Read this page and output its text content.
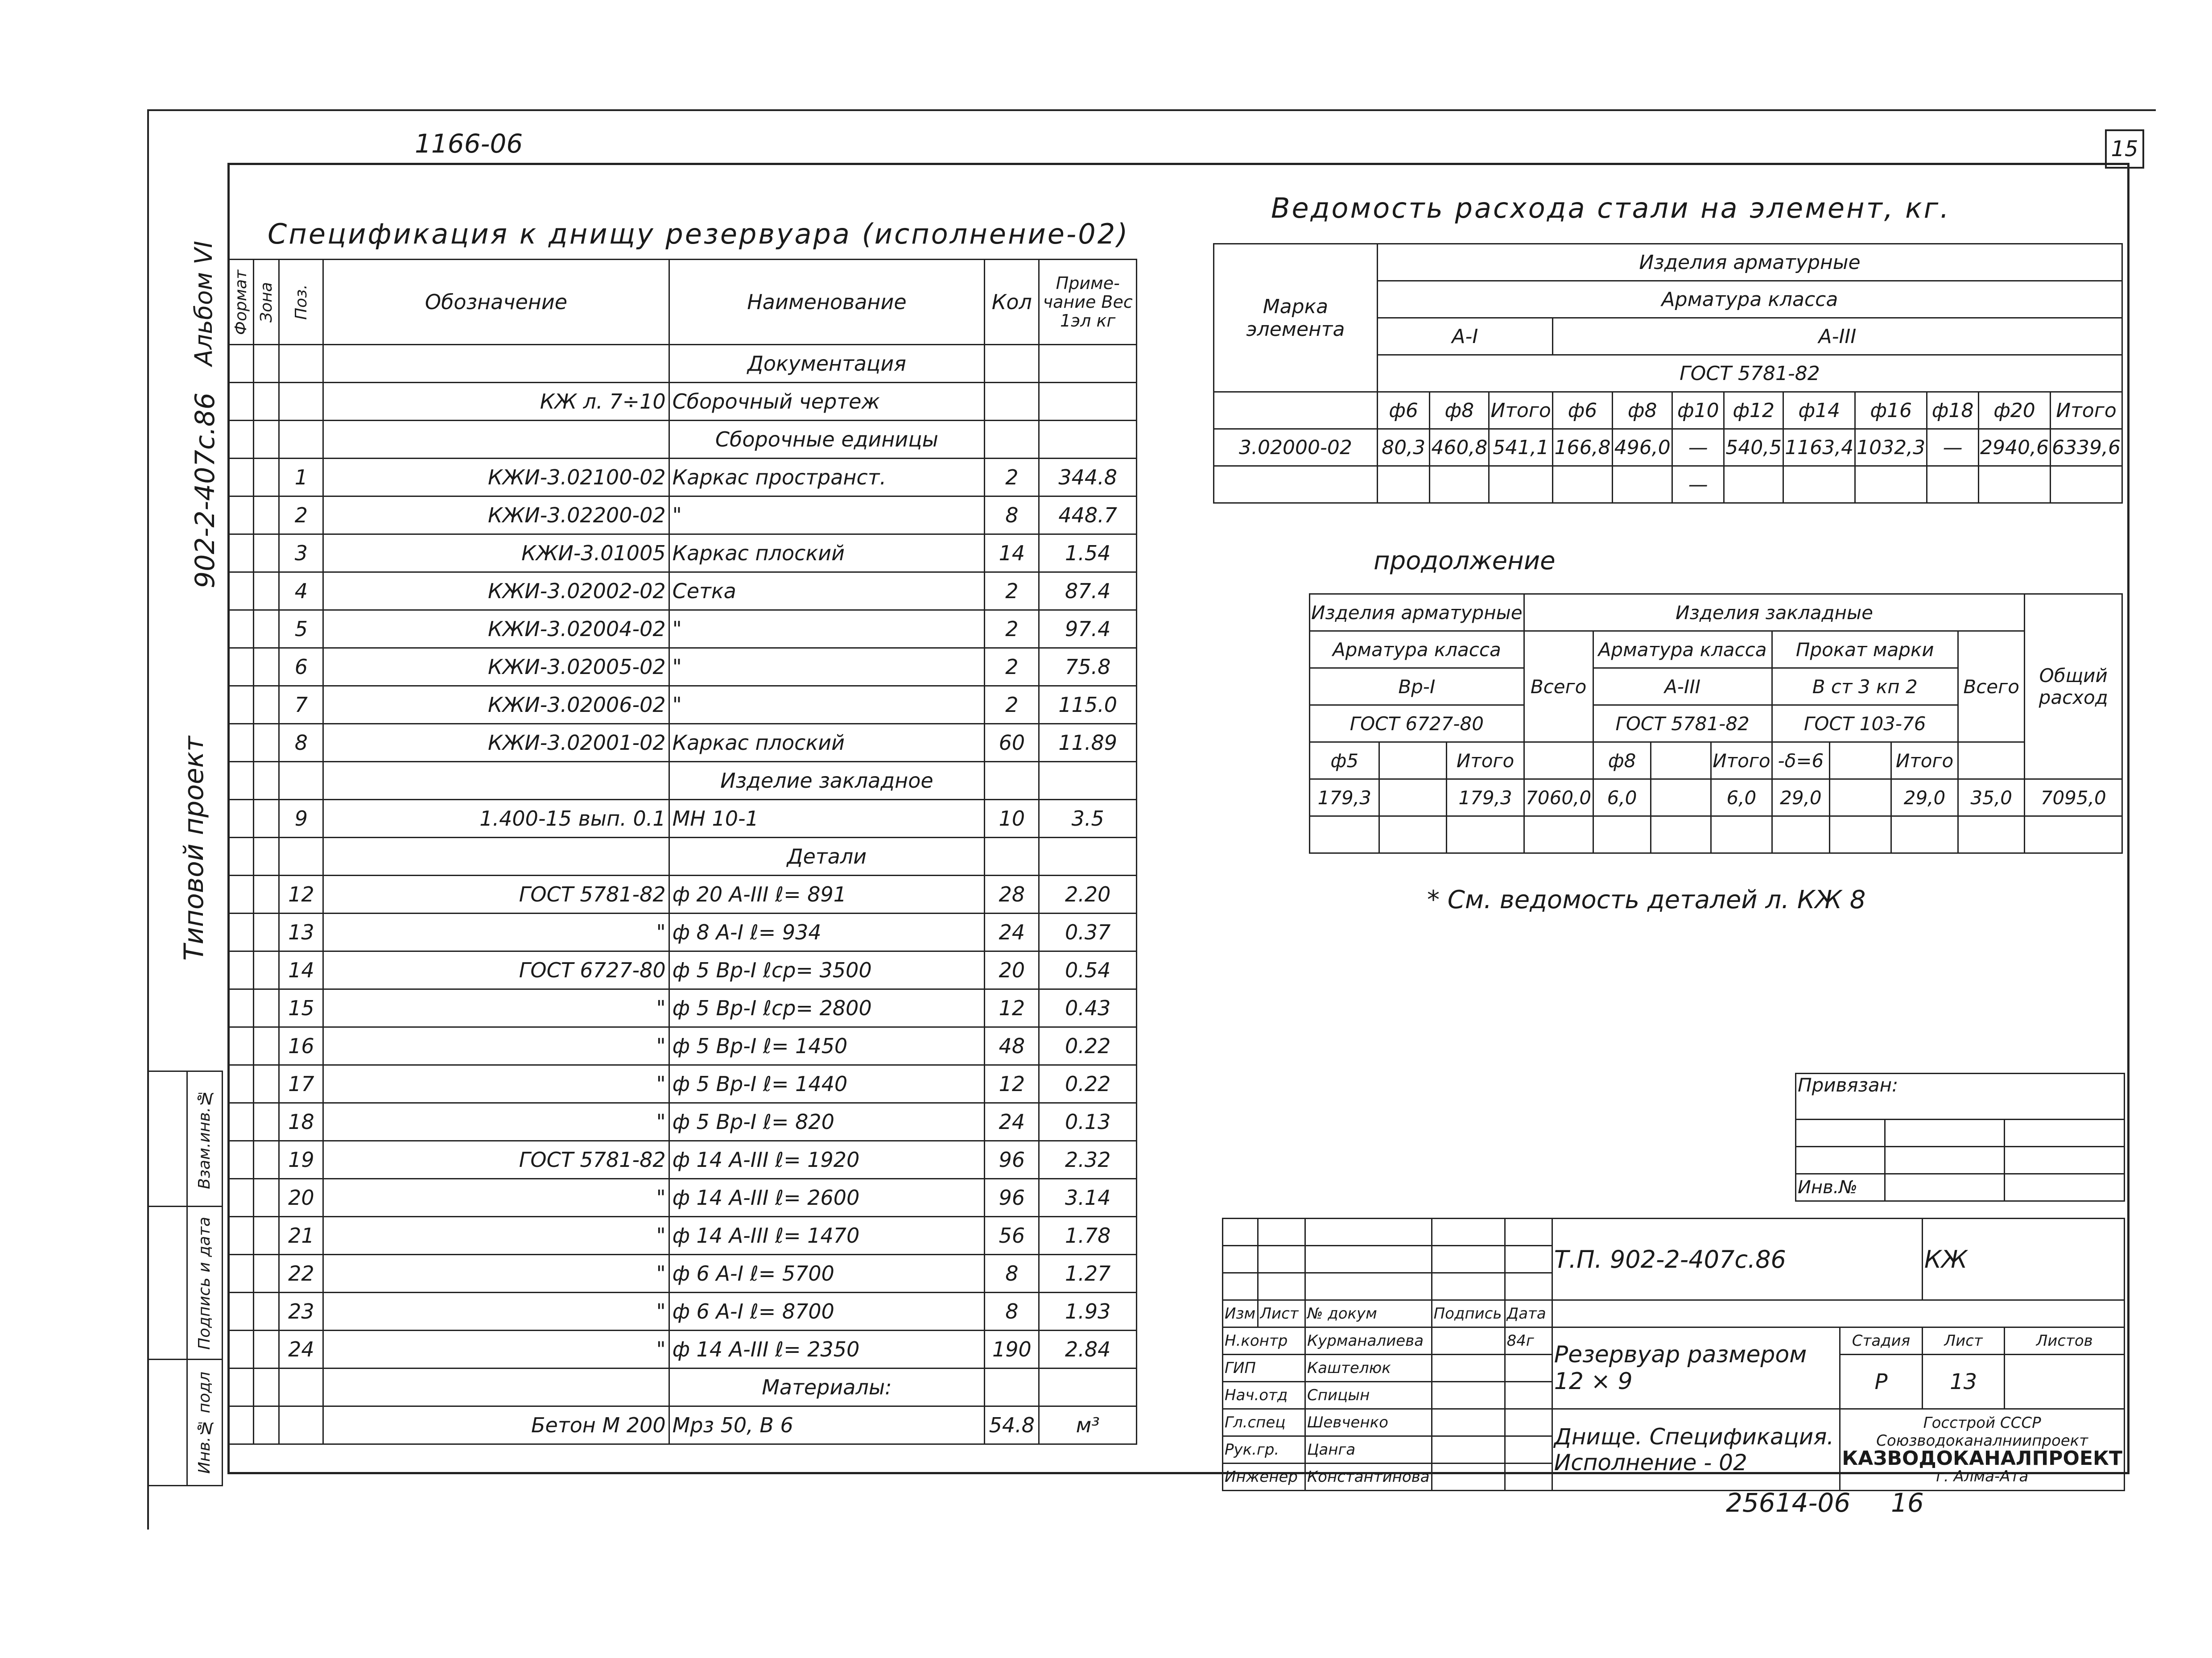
1166-06	15
Альбом VI
902-2-407с.86
Типовой проект
	Взам.инв.№
	Подпись и дата
	Инв.№ подл
Спецификация к днищу резервуара (исполнение-02)
Формат	Зона	Поз.	Обозначение	Наименование	Кол	Приме-чание Вес 1эл кг
				Документация		
			КЖ л. 7÷10	Сборочный чертеж		
				Сборочные единицы		
		1	КЖИ-3.02100-02	Каркас пространст.	2	344.8
		2	КЖИ-3.02200-02	"	8	448.7
		3	КЖИ-3.01005	Каркас плоский	14	1.54
		4	КЖИ-3.02002-02	Сетка	2	87.4
		5	КЖИ-3.02004-02	"	2	97.4
		6	КЖИ-3.02005-02	"	2	75.8
		7	КЖИ-3.02006-02	"	2	115.0
		8	КЖИ-3.02001-02	Каркас плоский	60	11.89
				Изделие закладное		
		9	1.400-15 вып. 0.1	МН 10-1	10	3.5
				Детали		
		12	ГОСТ 5781-82	ф 20 А-III ℓ= 891	28	2.20
		13	"	ф 8 А-I ℓ= 934	24	0.37
		14	ГОСТ 6727-80	ф 5 Вр-I ℓср= 3500	20	0.54
		15	"	ф 5 Вр-I ℓср= 2800	12	0.43
		16	"	ф 5 Вр-I ℓ= 1450	48	0.22
		17	"	ф 5 Вр-I ℓ= 1440	12	0.22
		18	"	ф 5 Вр-I ℓ= 820	24	0.13
		19	ГОСТ 5781-82	ф 14 А-III ℓ= 1920	96	2.32
		20	"	ф 14 А-III ℓ= 2600	96	3.14
		21	"	ф 14 А-III ℓ= 1470	56	1.78
		22	"	ф 6 А-I ℓ= 5700	8	1.27
		23	"	ф 6 А-I ℓ= 8700	8	1.93
		24	"	ф 14 А-III ℓ= 2350	190	2.84
				Материалы:		
			Бетон М 200	Мрз 50, В 6	54.8	м³
Ведомость расхода стали на элемент, кг.
Марка элемента	Изделия арматурные											
	Арматура класса											
	А-I			А-III								
	ГОСТ 5781-82											
	ф6	ф8	Итого	ф6	ф8	ф10	ф12	ф14	ф16	ф18	ф20	Итого
3.02000-02	80,3	460,8	541,1	166,8	496,0	—	540,5	1163,4	1032,3	—	2940,6	6339,6
						—						
продолжение
Изделия арматурные			Изделия закладные								Общий расход
Арматура класса			Всего	Арматура класса			Прокат марки			Всего	
Вр-I				А-III			В ст 3 кп 2				
ГОСТ 6727-80				ГОСТ 5781-82			ГОСТ 103-76				
ф5		Итого		ф8		Итого	-δ=6		Итого		
179,3		179,3	7060,0	6,0		6,0	29,0		29,0	35,0	7095,0

* См. ведомость деталей л. КЖ 8
Привязан:		

Инв.№		
					Т.П. 902-2-407с.86		КЖ	

Изм	Лист	№ докум	Подпись	Дата				
Н.контр		Курманалиева		84г	Резервуар размером 12 × 9	Стадия	Лист	Листов
ГИП		Каштелюк				Р	13	
Нач.отд		Спицын						
Гл.спец		Шевченко			Днище. Спецификация. Исполнение - 02	Госстрой СССР
Союзводоканалниипроект
КАЗВОДОКАНАЛПРОЕКТ
г. Алма-Ата		

Рук.гр.		Цанга						
Инженер		Константинова						
25614-06 16
